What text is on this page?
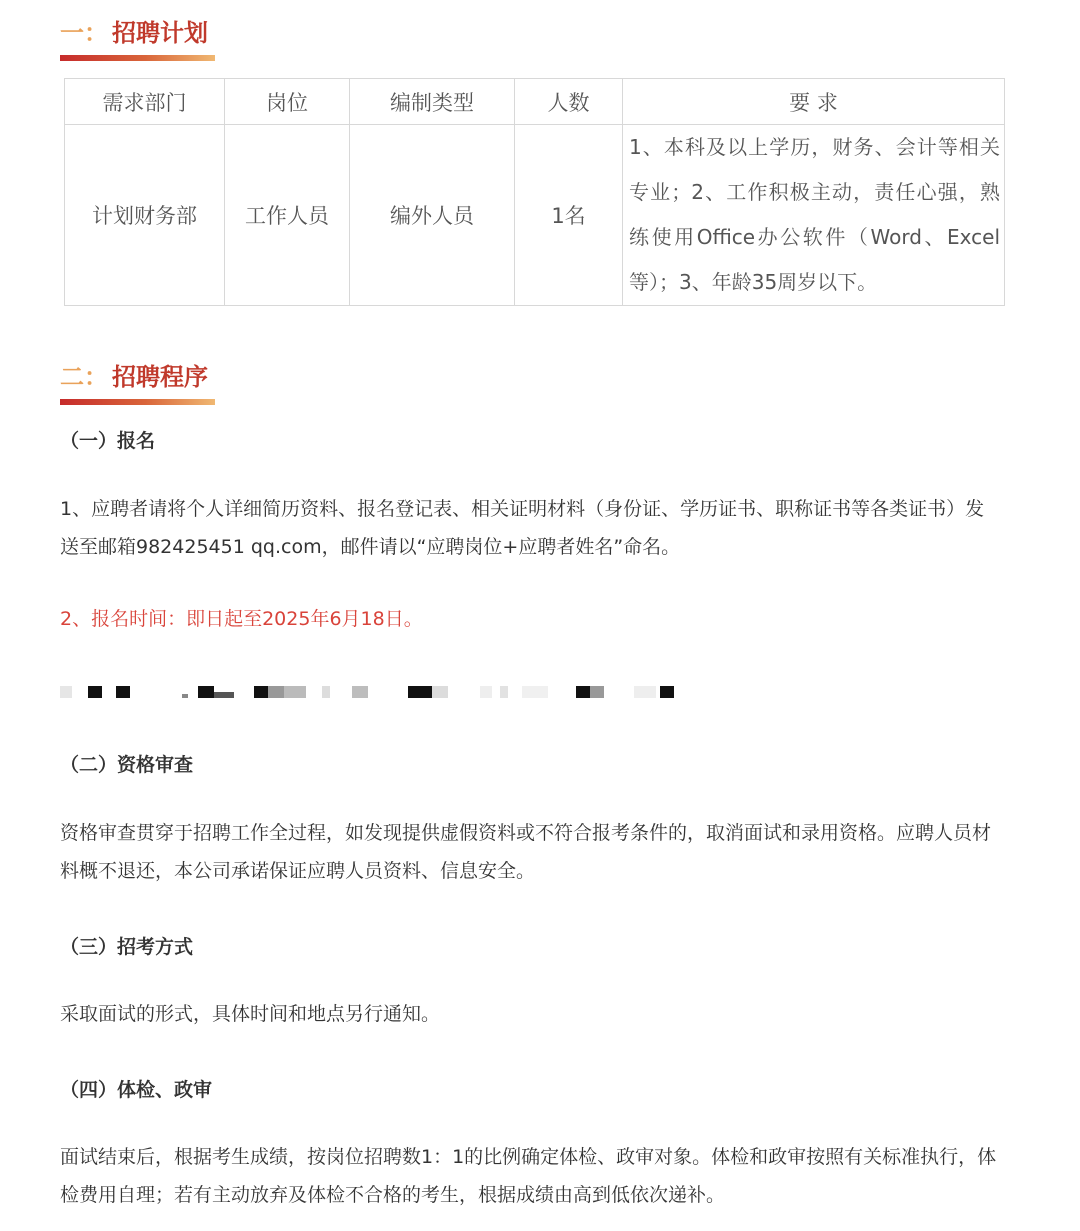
一： 招聘计划
需求部门	岗位	编制类型	人数	要 求
计划财务部	工作人员	编外人员	1名	1、本科及以上学历，财务、会计等相关专业；2、工作积极主动，责任心强，熟练使用Office办公软件（Word、Excel等）；3、年龄35周岁以下。
二： 招聘程序
（一）报名
1、应聘者请将个人详细简历资料、报名登记表、相关证明材料（身份证、学历证书、职称证书等各类证书）发送至邮箱982425451 qq.com，邮件请以“应聘岗位+应聘者姓名”命名。
2、报名时间：即日起至2025年6月18日。
（二）资格审查
资格审查贯穿于招聘工作全过程，如发现提供虚假资料或不符合报考条件的，取消面试和录用资格。应聘人员材料概不退还，本公司承诺保证应聘人员资料、信息安全。
（三）招考方式
采取面试的形式，具体时间和地点另行通知。
（四）体检、政审
面试结束后，根据考生成绩，按岗位招聘数1：1的比例确定体检、政审对象。体检和政审按照有关标准执行，体检费用自理；若有主动放弃及体检不合格的考生，根据成绩由高到低依次递补。
